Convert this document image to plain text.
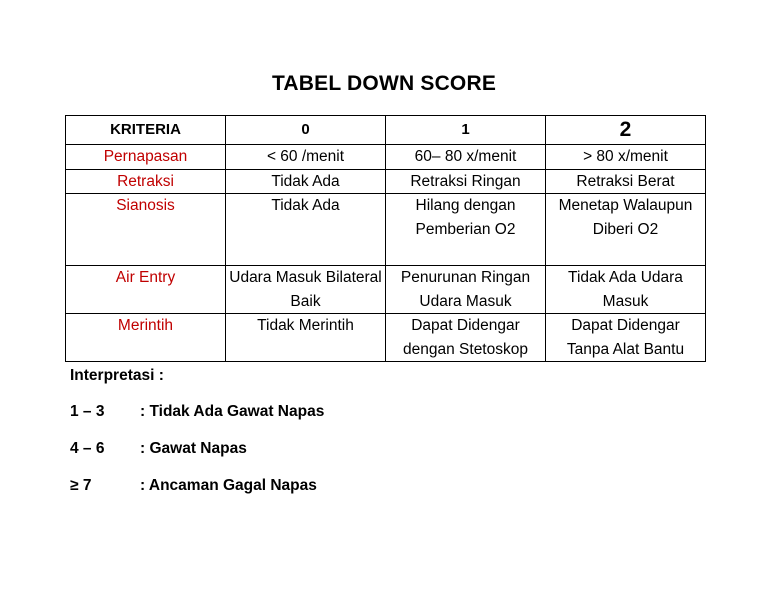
TABEL DOWN SCORE
KRITERIA	0	1	2
Pernapasan	< 60 /menit	60– 80 x/menit	> 80 x/menit
Retraksi	Tidak Ada	Retraksi Ringan	Retraksi Berat
Sianosis	Tidak Ada	Hilang dengan Pemberian O2	Menetap Walaupun Diberi O2
Air Entry	Udara Masuk Bilateral Baik	Penurunan Ringan Udara Masuk	Tidak Ada Udara Masuk
Merintih	Tidak Merintih	Dapat Didengar dengan Stetoskop	Dapat Didengar Tanpa Alat Bantu
Interpretasi :
1 – 3 : Tidak Ada Gawat Napas
4 – 6 : Gawat Napas
≥ 7	: Ancaman Gagal Napas
